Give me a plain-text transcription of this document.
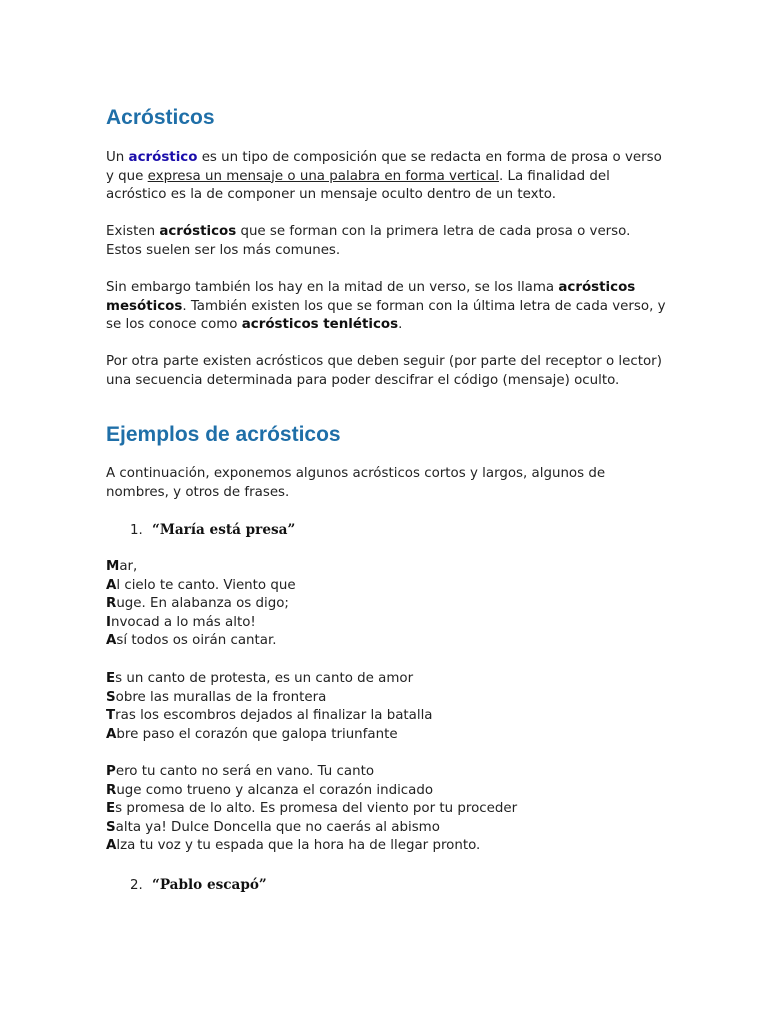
Acrósticos
Un acróstico es un tipo de composición que se redacta en forma de prosa o verso y que expresa un mensaje o una palabra en forma vertical. La finalidad del acróstico es la de componer un mensaje oculto dentro de un texto.
Existen acrósticos que se forman con la primera letra de cada prosa o verso. Estos suelen ser los más comunes.
Sin embargo también los hay en la mitad de un verso, se los llama acrósticos mesóticos. También existen los que se forman con la última letra de cada verso, y se los conoce como acrósticos tenléticos.
Por otra parte existen acrósticos que deben seguir (por parte del receptor o lector) una secuencia determinada para poder descifrar el código (mensaje) oculto.
Ejemplos de acrósticos
A continuación, exponemos algunos acrósticos cortos y largos, algunos de nombres, y otros de frases.
1. “María está presa”
Mar,
Al cielo te canto. Viento que
Ruge. En alabanza os digo;
Invocad a lo más alto!
Así todos os oirán cantar.
Es un canto de protesta, es un canto de amor
Sobre las murallas de la frontera
Tras los escombros dejados al finalizar la batalla
Abre paso el corazón que galopa triunfante
Pero tu canto no será en vano. Tu canto
Ruge como trueno y alcanza el corazón indicado
Es promesa de lo alto. Es promesa del viento por tu proceder
Salta ya! Dulce Doncella que no caerás al abismo
Alza tu voz y tu espada que la hora ha de llegar pronto.
2. “Pablo escapó”
